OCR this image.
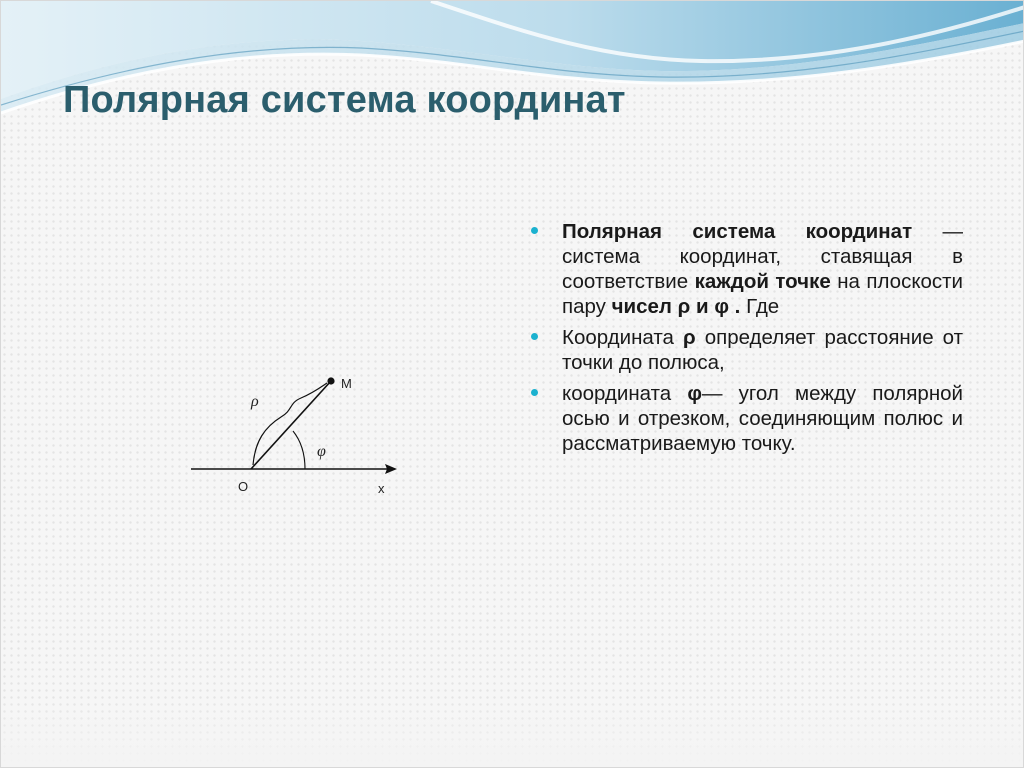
Полярная система координат
M
O	x
ρ
φ
Полярная система координат — система координат, ставящая в соответствие каждой точке на плоскости пару чисел ρ и φ . Где
Координата ρ определяет расстояние от точки до полюса,
координата φ— угол между полярной осью и отрезком, соединяющим полюс и рассматриваемую точку.
